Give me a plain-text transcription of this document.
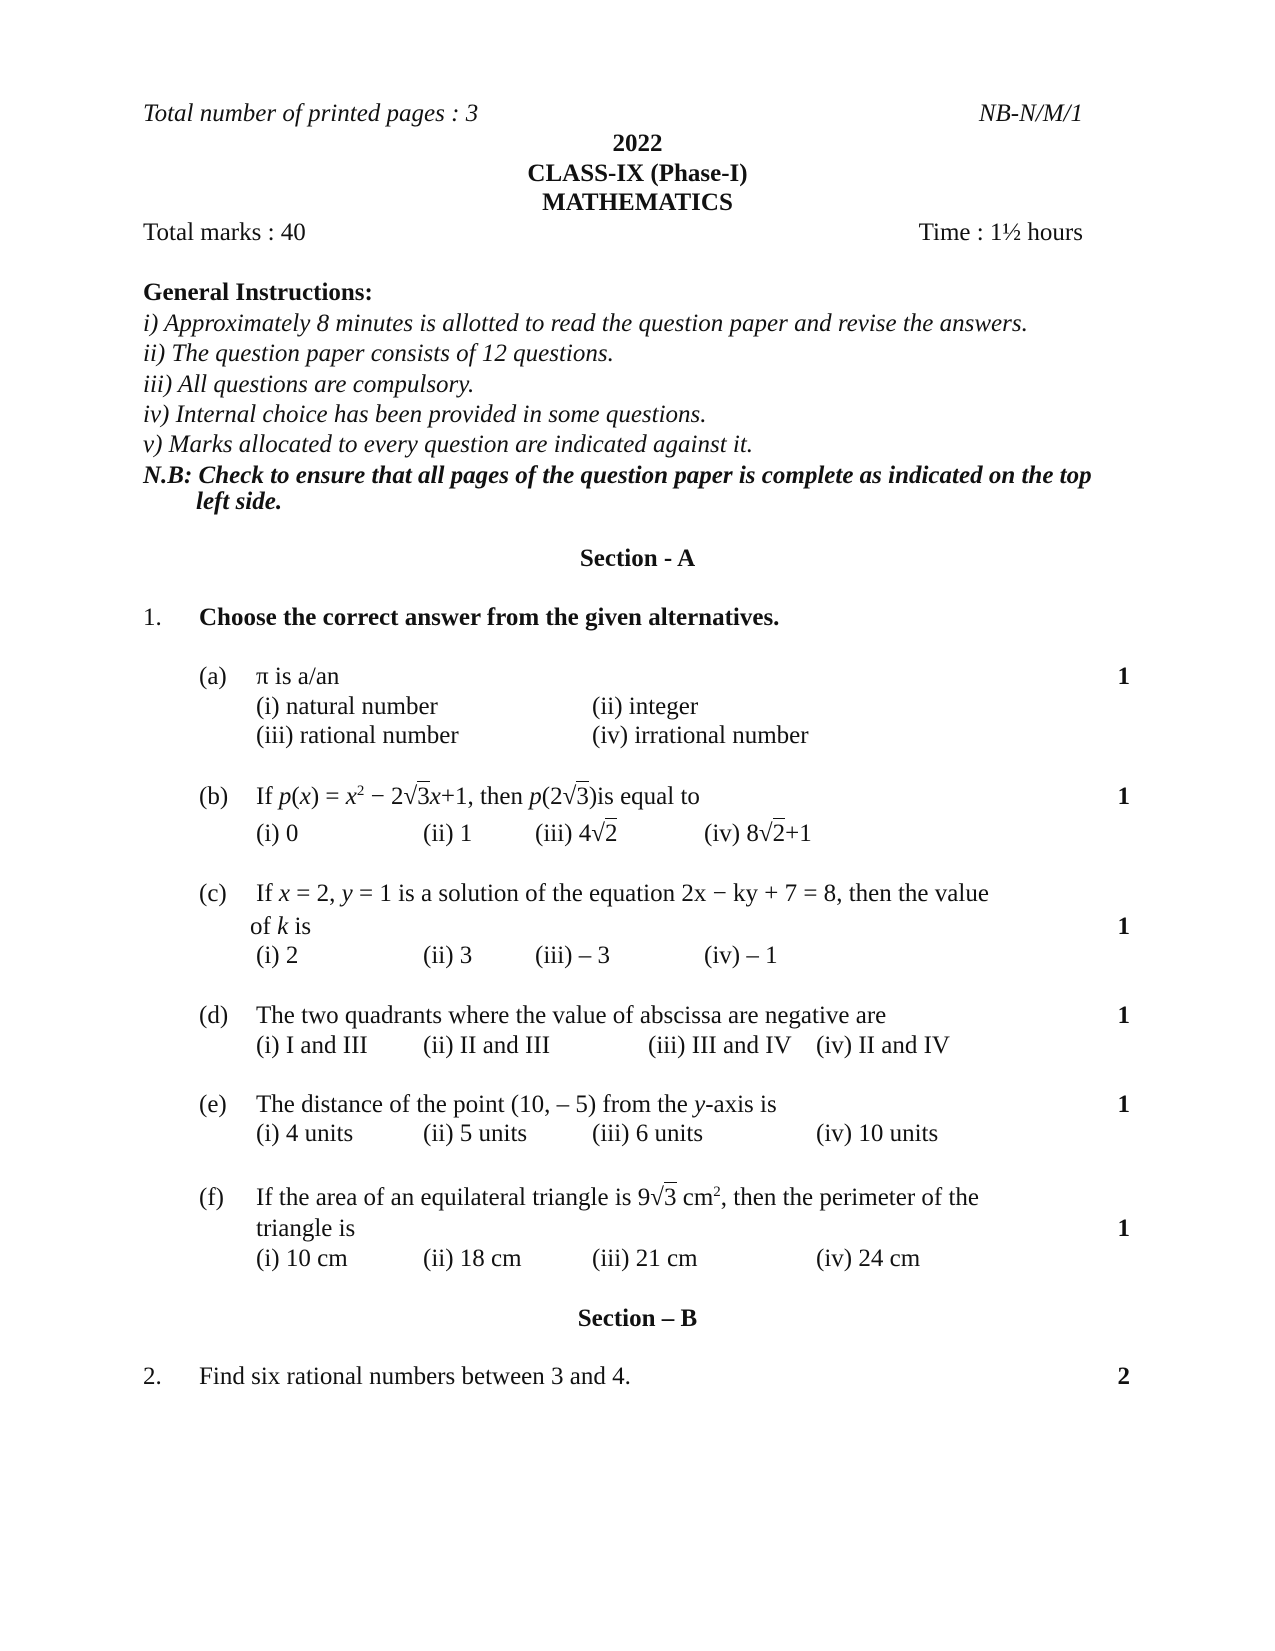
Total number of printed pages : 3	NB-N/M/1
2022
CLASS-IX (Phase-I)
MATHEMATICS
Total marks : 40	Time : 1½ hours
General Instructions:
i) Approximately 8 minutes is allotted to read the question paper and revise the answers.
ii) The question paper consists of 12 questions.
iii) All questions are compulsory.
iv) Internal choice has been provided in some questions.
v) Marks allocated to every question are indicated against it.
N.B: Check to ensure that all pages of the question paper is complete as indicated on the top
left side.
Section - A
1. Choose the correct answer from the given alternatives.
(a) π is a/an	1
(i) natural number	(ii) integer
(iii) rational number	(iv) irrational number
(b) If $p(x) = x^2 - 2√3x+1$, then p(2√3)is equal to	1
(i) 0	(ii) 1	(iii) 4√2	(iv) 8√2+1
(c) If x = 2, y = 1 is a solution of the equation 2x − ky + 7 = 8, then the value
of k is	1
(i) 2	(ii) 3	(iii) – 3	(iv) – 1
(d) The two quadrants where the value of abscissa are negative are	1
(i) I and III (ii) II and III	(iii) III and IV (iv) II and IV
(e) The distance of the point (10, – 5) from the y-axis is	1
(i) 4 units	(ii) 5 units	(iii) 6 units	(iv) 10 units
(f) If the area of an equilateral triangle is 9√3 $cm^2$, then the perimeter of the
triangle is	1
(i) 10 cm	(ii) 18 cm	(iii) 21 cm	(iv) 24 cm
Section – B
2. Find six rational numbers between 3 and 4.	2
